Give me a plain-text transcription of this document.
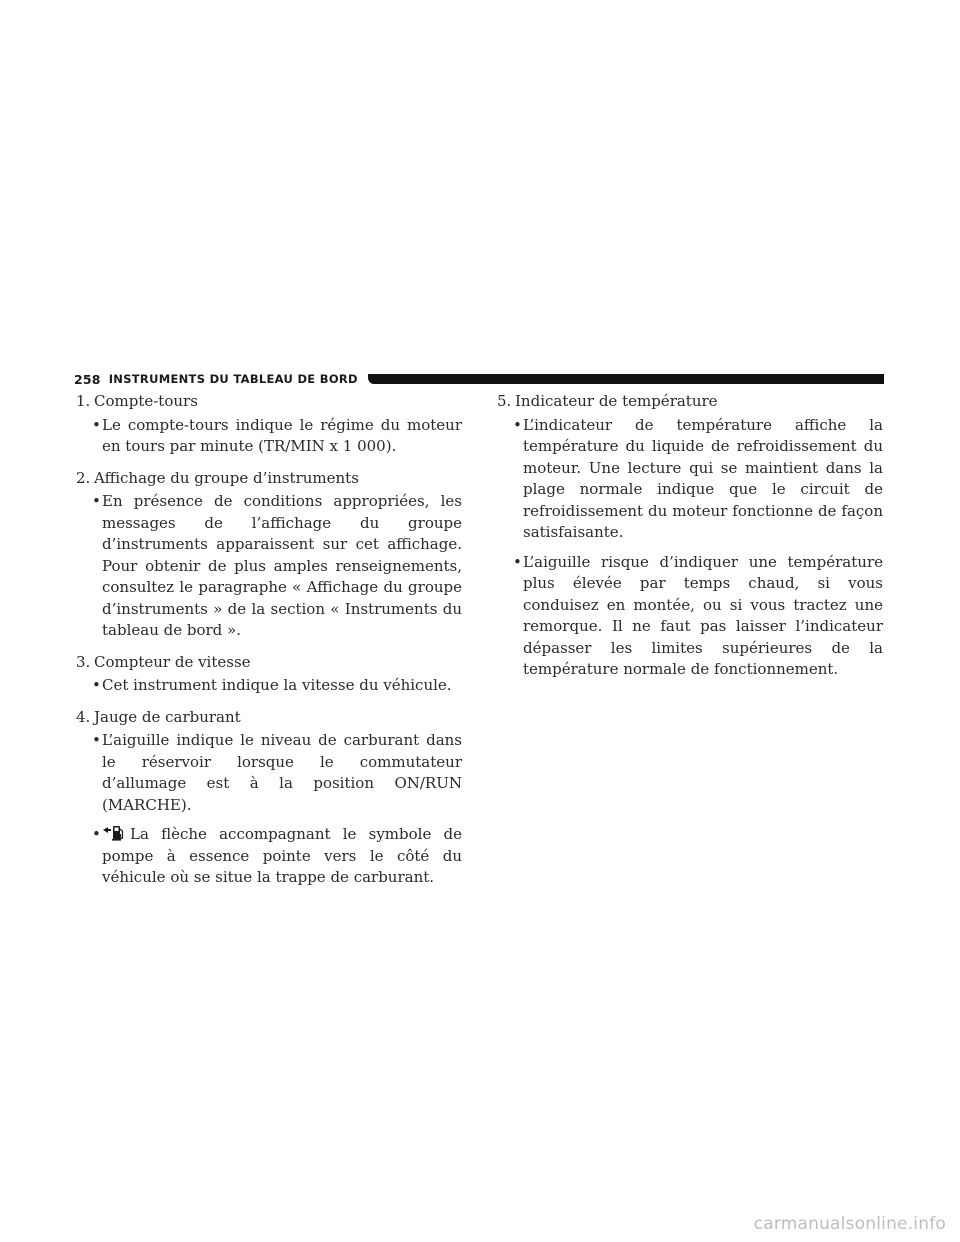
258 INSTRUMENTS DU TABLEAU DE BORD
1. Compte-tours
• Le compte-tours indique le régime du moteur en tours par minute (TR/MIN x 1 000).
2. Affichage du groupe d’instruments
• En présence de conditions appropriées, les messages de l’affichage du groupe d’instruments apparaissent sur cet affichage. Pour obtenir de plus amples renseignements, consultez le paragraphe « Affichage du groupe d’instruments » de la section « Instruments du tableau de bord ».
3. Compteur de vitesse
• Cet instrument indique la vitesse du véhicule.
4. Jauge de carburant
• L’aiguille indique le niveau de carburant dans le réservoir lorsque le commutateur d’allumage est à la position ON/RUN (MARCHE).
•	La flèche accompagnant le symbole de pompe à essence pointe vers le côté du véhicule où se situe la trappe de carburant.
5. Indicateur de température
• L’indicateur de température affiche la température du liquide de refroidissement du moteur. Une lecture qui se maintient dans la plage normale indique que le circuit de refroidissement du moteur fonctionne de façon satisfaisante.
• L’aiguille risque d’indiquer une température plus élevée par temps chaud, si vous conduisez en montée, ou si vous tractez une remorque. Il ne faut pas laisser l’indicateur dépasser les limites supérieures de la température normale de fonctionnement.
carmanualsonline.info
